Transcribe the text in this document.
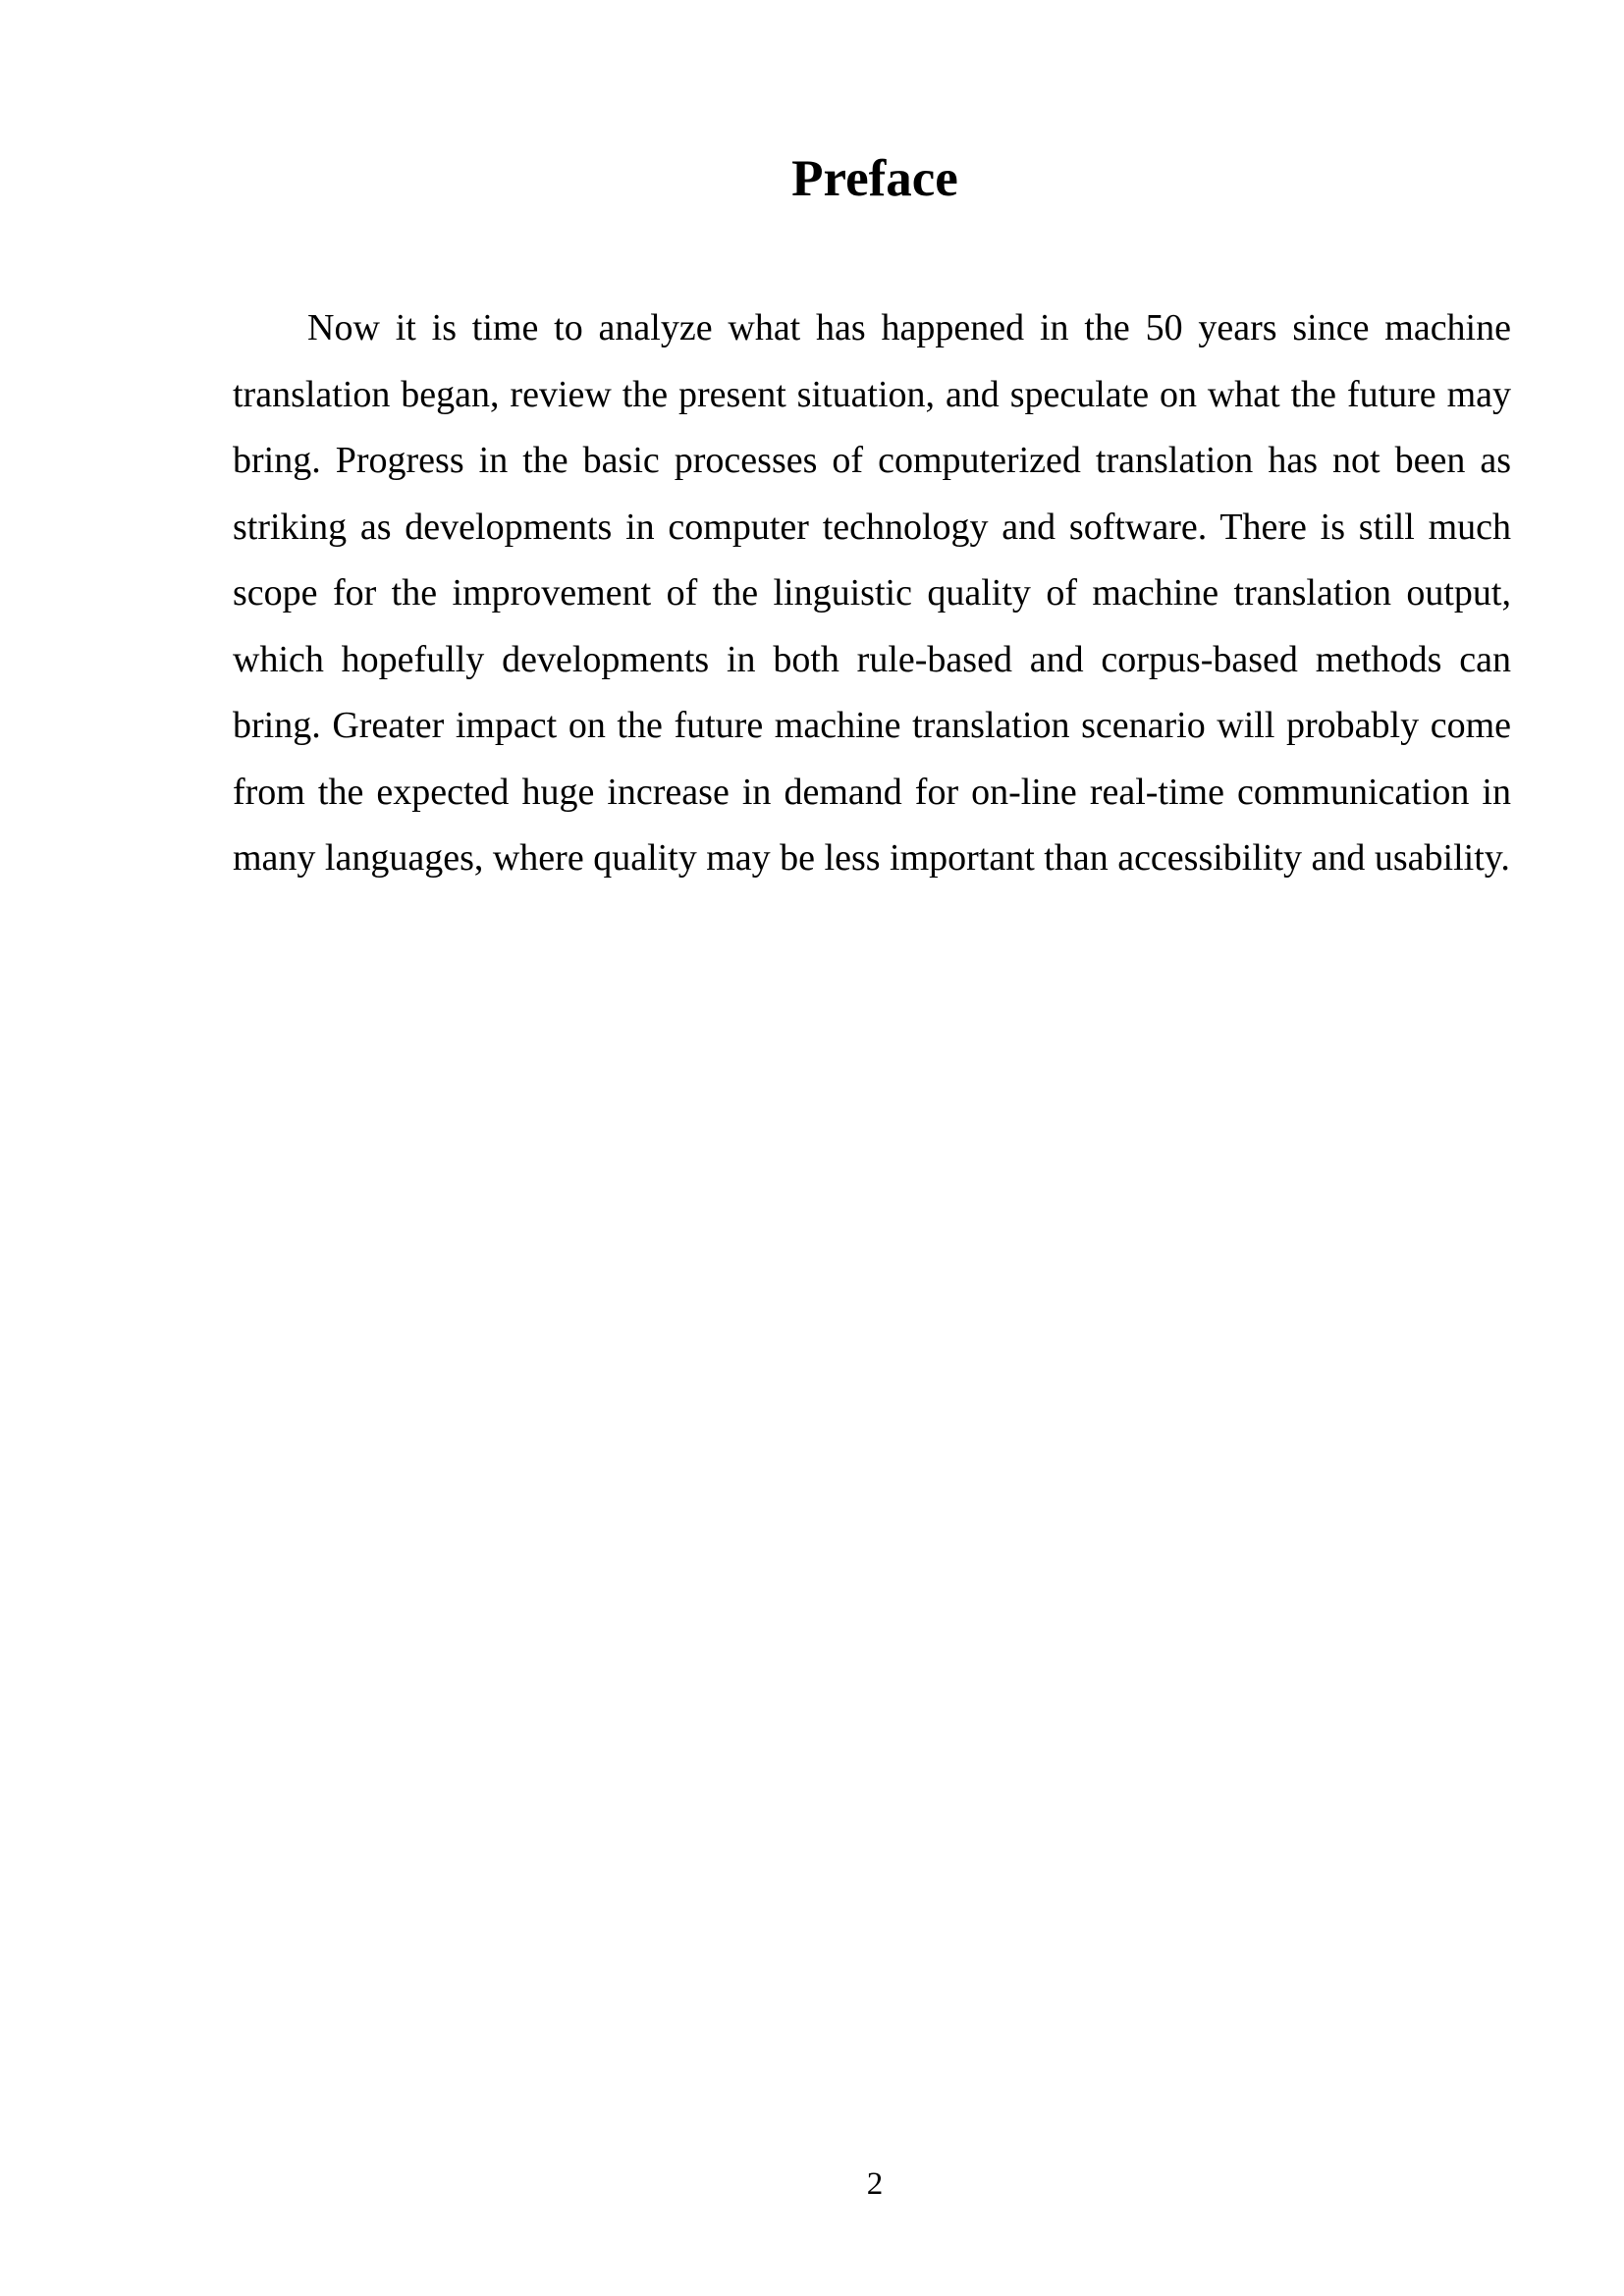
Preface

Now it is time to analyze what has happened in the 50 years since machine translation began, review the present situation, and speculate on what the future may bring. Progress in the basic processes of computerized translation has not been as striking as developments in computer technology and software. There is still much scope for the improvement of the linguistic quality of machine translation output, which hopefully developments in both rule-based and corpus-based methods can bring. Greater impact on the future machine translation scenario will probably come from the expected huge increase in demand for on-line real-time communication in many languages, where quality may be less important than accessibility and usability.

2
